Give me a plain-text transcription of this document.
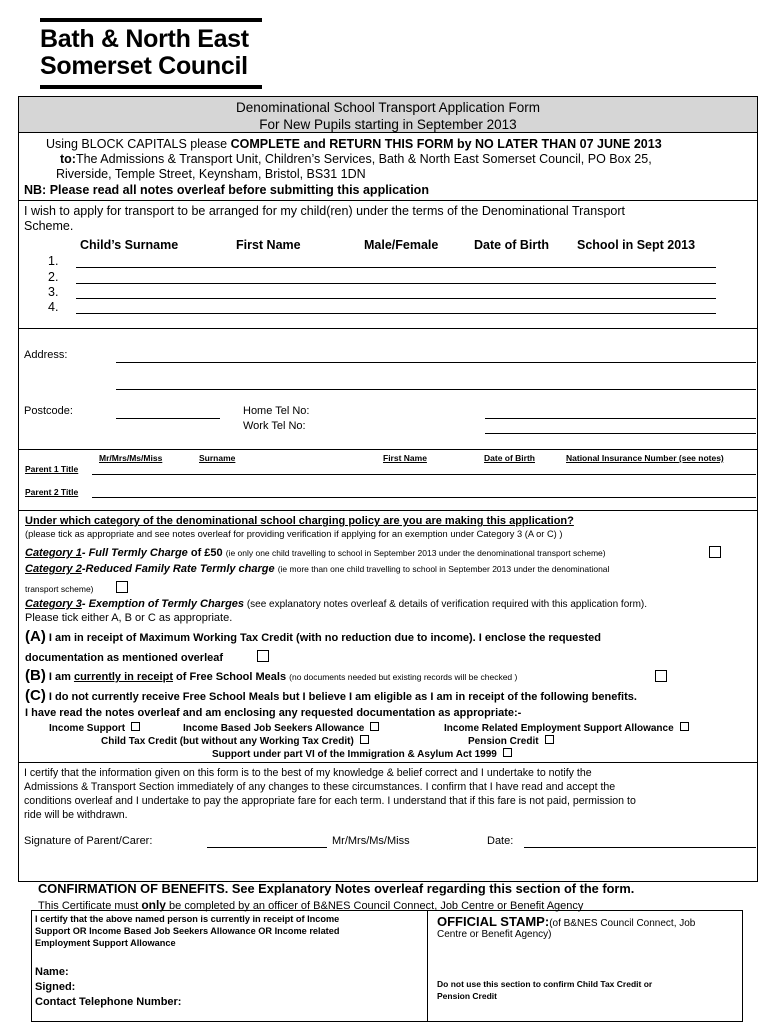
Bath & North East
Somerset Council
Denominational School Transport Application Form
For New Pupils starting in September 2013
Using BLOCK CAPITALS please COMPLETE and RETURN THIS FORM by NO LATER THAN 07 JUNE 2013
to:The Admissions & Transport Unit, Children’s Services, Bath & North East Somerset Council, PO Box 25,
Riverside, Temple Street, Keynsham, Bristol, BS31 1DN
NB: Please read all notes overleaf before submitting this application
I wish to apply for transport to be arranged for my child(ren) under the terms of the Denominational Transport
Scheme.
Child’s Surname	First Name	Male/Female	Date of Birth School in Sept 2013
1.
2.
3.
4.
Address:
Postcode:	Home Tel No:
Work Tel No:
Mr/Mrs/Ms/Miss	Surname	First Name	Date of Birth	National Insurance Number (see notes)
Parent 1 Title
Parent 2 Title
Under which category of the denominational school charging policy are you are making this application?
(please tick as appropriate and see notes overleaf for providing verification if applying for an exemption under Category 3 (A or C) )
Category 1- Full Termly Charge of £50 (ie only one child travelling to school in September 2013 under the denominational transport scheme)
Category 2-Reduced Family Rate Termly charge (ie more than one child travelling to school in September 2013 under the denominational
transport scheme)
Category 3- Exemption of Termly Charges (see explanatory notes overleaf & details of verification required with this application form).
Please tick either A, B or C as appropriate.
(A) I am in receipt of Maximum Working Tax Credit (with no reduction due to income). I enclose the requested
documentation as mentioned overleaf
(B) I am currently in receipt of Free School Meals (no documents needed but existing records will be checked )
(C) I do not currently receive Free School Meals but I believe I am eligible as I am in receipt of the following benefits.
I have read the notes overleaf and am enclosing any requested documentation as appropriate:-
Income Support	Income Based Job Seekers Allowance	Income Related Employment Support Allowance
Child Tax Credit (but without any Working Tax Credit)	Pension Credit
Support under part VI of the Immigration & Asylum Act 1999
I certify that the information given on this form is to the best of my knowledge & belief correct and I undertake to notify the
Admissions & Transport Section immediately of any changes to these circumstances. I confirm that I have read and accept the
conditions overleaf and I undertake to pay the appropriate fare for each term. I understand that if this fare is not paid, permission to
ride will be withdrawn.
Signature of Parent/Carer:	Mr/Mrs/Ms/Miss	Date:
CONFIRMATION OF BENEFITS. See Explanatory Notes overleaf regarding this section of the form.
This Certificate must only be completed by an officer of B&NES Council Connect, Job Centre or Benefit Agency
I certify that the above named person is currently in receipt of Income
Support OR Income Based Job Seekers Allowance OR Income related
Employment Support Allowance
Name:
Signed:
Contact Telephone Number:
OFFICIAL STAMP:(of B&NES Council Connect, Job
Centre or Benefit Agency)
Do not use this section to confirm Child Tax Credit or
Pension Credit
